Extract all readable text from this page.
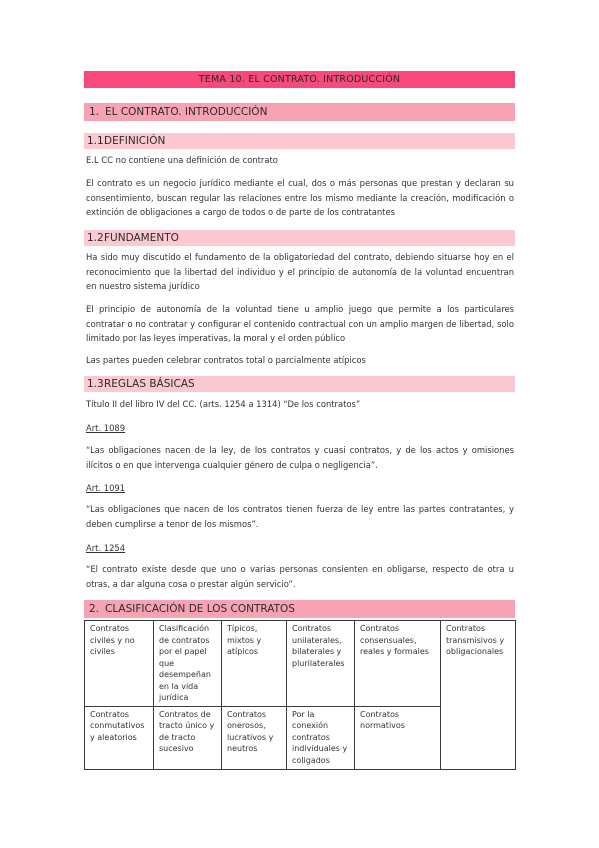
TEMA 10. EL CONTRATO. INTRODUCCIÓN
1. EL CONTRATO. INTRODUCCIÓN
1.1.
DEFINICIÓN

E.L CC no contiene una definición de contrato

El contrato es un negocio jurídico mediante el cual, dos o más personas que prestan y declaran su consentimiento, buscan regular las relaciones entre los mismo mediante la creación, modificación o extinción de obligaciones a cargo de todos o de parte de los contratantes

1.2.
FUNDAMENTO

Ha sido muy discutido el fundamento de la obligatoriedad del contrato, debiendo situarse hoy en el reconocimiento que la libertad del individuo y el principio de autonomía de la voluntad encuentran en nuestro sistema jurídico

El principio de autonomía de la voluntad tiene u amplio juego que permite a los particulares contratar o no contratar y configurar el contenido contractual con un amplio margen de libertad, solo limitado por las leyes imperativas, la moral y el orden público

Las partes pueden celebrar contratos total o parcialmente atípicos

1.3.
REGLAS BÁSICAS

Título II del libro IV del CC. (arts. 1254 a 1314) “De los contratos”

Art. 1089

“Las obligaciones nacen de la ley, de los contratos y cuasi contratos, y de los actos y omisiones ilícitos o en que intervenga cualquier género de culpa o negligencia”.

Art. 1091

“Las obligaciones que nacen de los contratos tienen fuerza de ley entre las partes contratantes, y deben cumplirse a tenor de los mismos”.

Art. 1254

“El contrato existe desde que uno o varias personas consienten en obligarse, respecto de otra u otras, a dar alguna cosa o prestar algún servicio”.

2. CLASIFICACIÓN DE LOS CONTRATOS
Contratos civiles y no civiles	Clasificación de contratos por el papel que desempeñan en la vida jurídica	Típicos, mixtos y atípicos	Contratos unilaterales, bilaterales y plurilaterales	Contratos consensuales, reales y formales	Contratos transmisivos y obligacionales
Contratos conmutativos y aleatorios	Contratos de tracto único y de tracto sucesivo	Contratos onerosos, lucrativos y neutros	Por la conexión contratos individuales y coligados	Contratos normativos	
